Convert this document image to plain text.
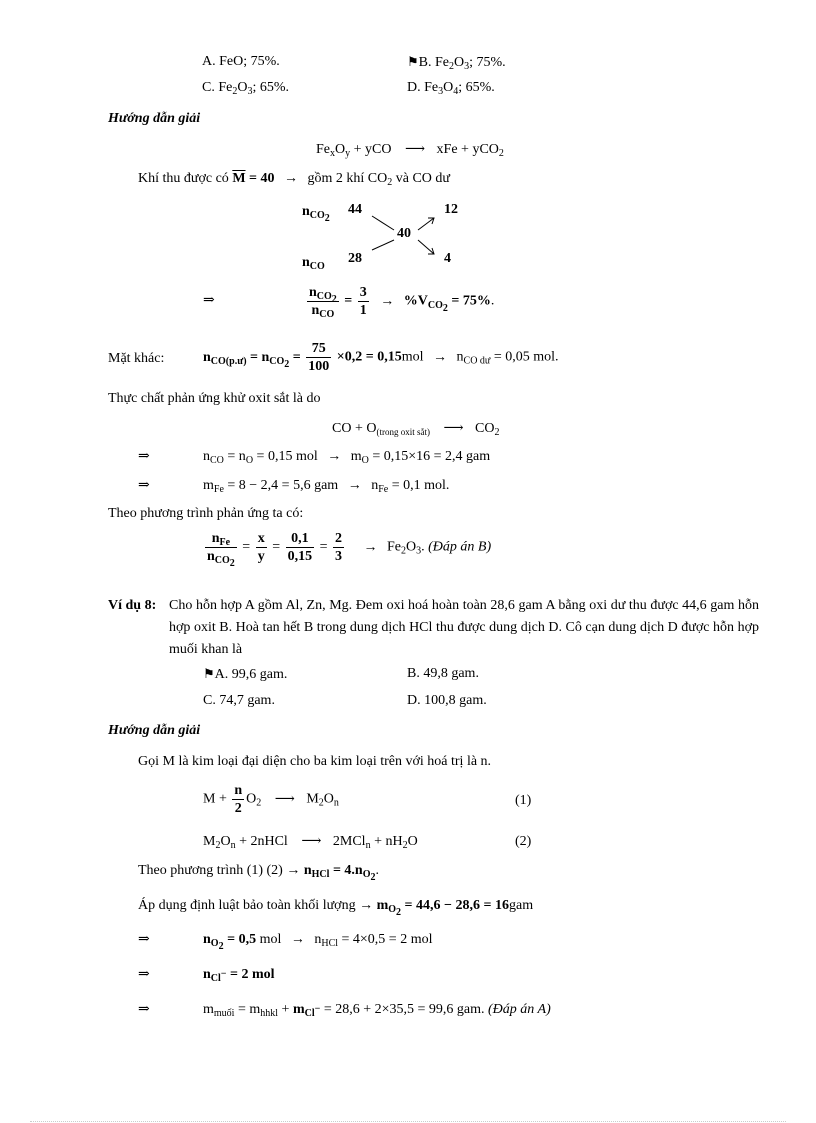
A. FeO; 75%.	⚑B. $Fe_2O_3$; 75%.
C. $Fe_2O_3$; 65%.	D. $Fe_3O_4$; 65%.
Hướng dẫn giải
$Fe_xO_y$ + yCO ⟶ xFe + yCO$_2$
Khí thu được có $\overline{M} = 40$ → gồm 2 khí $CO_2$ và CO dư
$n_{CO_2}$
44	12
40
$n_{CO}$
28	4
⇒	$\frac{n_{CO_2}}{n_{CO}} = \frac{3}{1} \to \%V_{CO_2} = 75\%$.
Mặt khác:	$n_{CO(p.ư)} = n_{CO_2} = \frac{75}{100} \times 0,2 = 0,15mol \to n_{CO dư} = 0,05$ mol.
Thực chất phản ứng khử oxit sắt là do
CO + $O_{(trong oxit sắt)}$ ⟶ $CO_2$
⇒	$n_{CO} = n_O = 0,15$ mol → $m_O = 0,15\times 16 = 2,4$ gam
⇒	$m_{Fe} = 8 - 2,4 = 5,6$ gam → $n_{Fe} = 0,1$ mol.
Theo phương trình phản ứng ta có:
$\frac{n_{Fe}}{n_{CO_2}} = \frac{x}{y} = \frac{0,1}{0,15} = \frac{2}{3} \to Fe_2O_3$. (Đáp án B)
Ví dụ 8: Cho hỗn hợp A gồm Al, Zn, Mg. Đem oxi hoá hoàn toàn 28,6 gam A bằng oxi dư thu được 44,6 gam hỗn hợp oxit B. Hoà tan hết B trong dung dịch HCl thu được dung dịch D. Cô cạn dung dịch D được hỗn hợp muối khan là
⚑A. 99,6 gam.	B. 49,8 gam.
C. 74,7 gam.	D. 100,8 gam.
Hướng dẫn giải
Gọi M là kim loại đại diện cho ba kim loại trên với hoá trị là n.
$M + \frac{n}{2} O_2$ ⟶ $M_2O_n$	(1)
$M_2O_n$ + 2nHCl ⟶ $2MCl_n + nH_2O$	(2)
Theo phương trình (1) $(2) \to n_{HCl} = 4.n_{O_2}$.
Áp dụng định luật bảo toàn khối lượng → $m_{O_2} = 44,6 - 28,6 = 16gam$
⇒	$n_{O_2} = 0,5$ mol → $n_{HCl} = 4\times 0,5 = 2$ mol
⇒	$n_{Cl^-} = 2$ mol
⇒	$m_{muối} = m_{hhkl} + m_{Cl^-} = 28,6 + 2\times 35,5 = 99,6$ gam. (Đáp án A)
